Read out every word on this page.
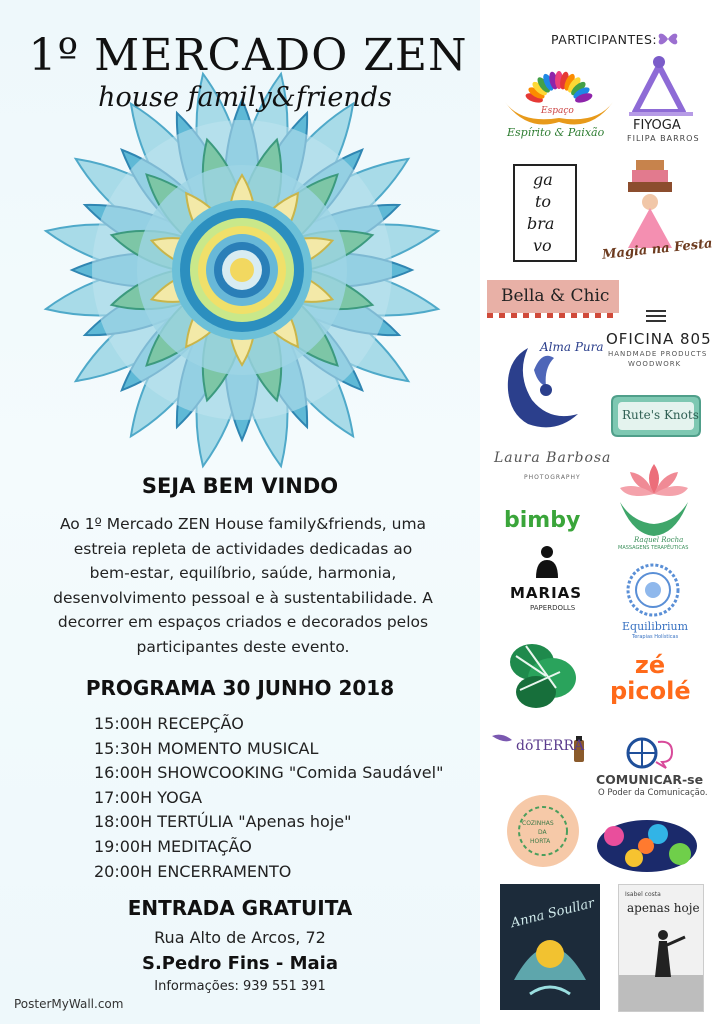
1º MERCADO ZEN
house family&friends
SEJA BEM VINDO
Ao 1º Mercado ZEN House family&friends, uma
estreia repleta de actividades dedicadas ao
bem-estar, equilíbrio, saúde, harmonia,
desenvolvimento pessoal e à sustentabilidade. A
decorrer em espaços criados e decorados pelos
participantes deste evento.
PROGRAMA 30 JUNHO 2018
15:00H RECEPÇÃO
15:30H MOMENTO MUSICAL
16:00H SHOWCOOKING "Comida Saudável"
17:00H YOGA
18:00H TERTÚLIA "Apenas hoje"
19:00H MEDITAÇÃO
20:00H ENCERRAMENTO
ENTRADA GRATUITA
Rua Alto de Arcos, 72
S.Pedro Fins - Maia
Informações: 939 551 391
PosterMyWall.com
PARTICIPANTES:
Espaço
Espírito & Paixão FIYOGA
FILIPA BARROS
ga
to
bra
vo	Magia na Festa
Bella & Chic
OFICINA 805
HANDMADE PRODUCTS
WOODWORK
Alma Pura
Rute's Knots
Laura Barbosa
PHOTOGRAPHY
Raquel Rocha
MASSAGENS TERAPÊUTICAS
bimby
MARIAS
PAPERDOLLS
Equilibrium
Terapias Holísticas
zé picolé
dōTERRA
COMUNICAR-se
O Poder da Comunicação.
COZINHAS
DA
HORTA
Anna Soullar
Isabel costa
apenas hoje
